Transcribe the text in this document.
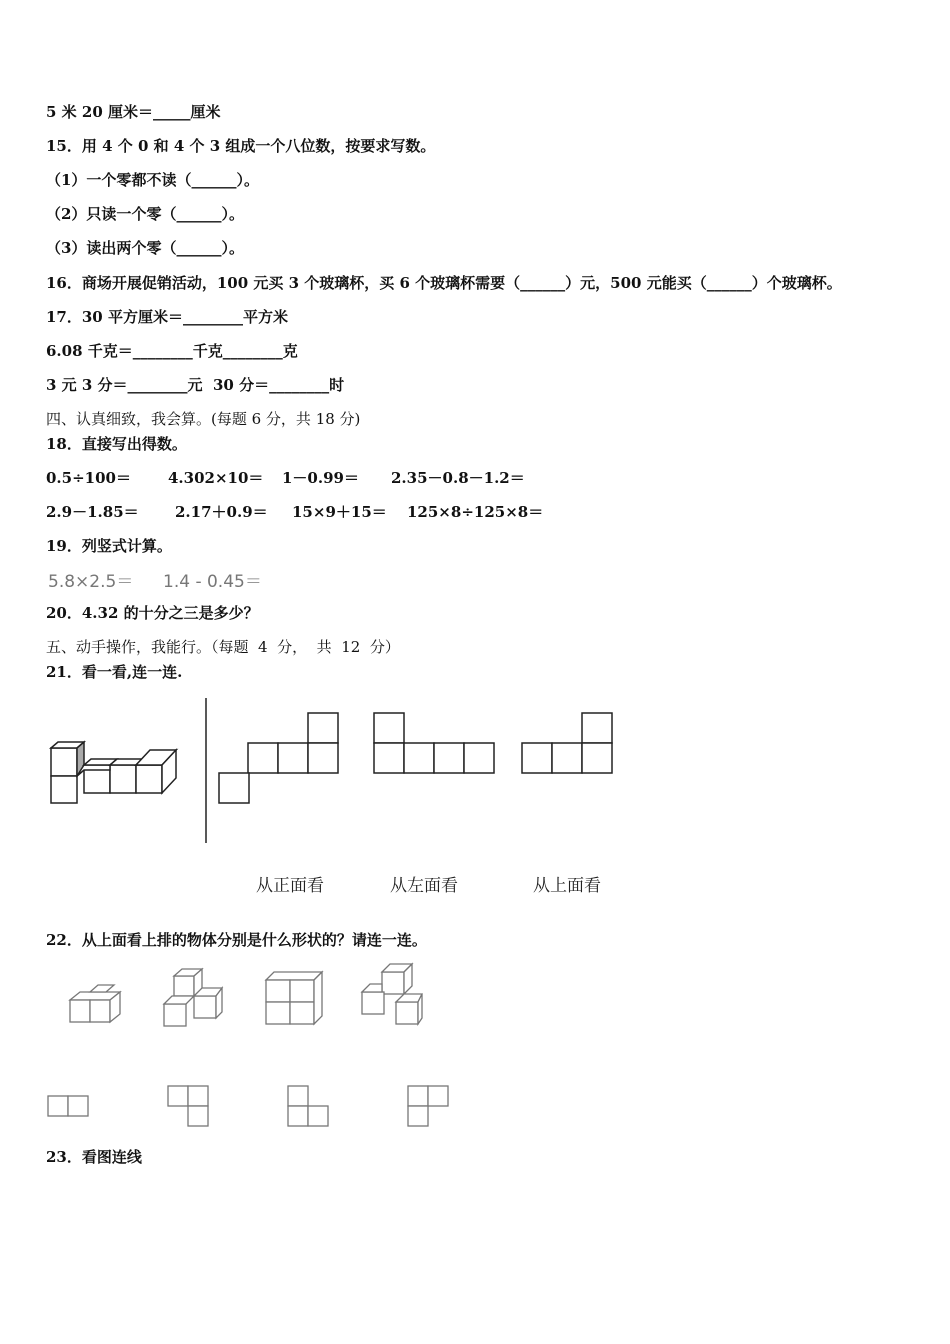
5 米 20 厘米＝_____厘米
15．用 4 个 0 和 4 个 3 组成一个八位数，按要求写数。
（1）一个零都不读（______）。
（2）只读一个零（______）。
（3）读出两个零（______）。
16．商场开展促销活动，100 元买 3 个玻璃杯，买 6 个玻璃杯需要（______）元，500 元能买（______）个玻璃杯。
17．30 平方厘米＝________平方米
6.08 千克＝________千克________克
3 元 3 分＝________元  30 分＝________时
四、认真细致，我会算。(每题 6 分，共 18 分)
18．直接写出得数。
0.5÷100＝ 4.302×10＝ 1－0.99＝ 2.35－0.8－1.2＝
2.9－1.85＝ 2.17＋0.9＝ 15×9＋15＝ 125×8÷125×8＝
19．列竖式计算。
5.8×2.5＝ 1.4 - 0.45＝
20．4.32 的十分之三是多少？
五、动手操作，我能行。（每题  4  分，  共  12  分）
21．看一看,连一连.
从正面看	从左面看	从上面看
22．从上面看上排的物体分别是什么形状的？请连一连。
23．看图连线
